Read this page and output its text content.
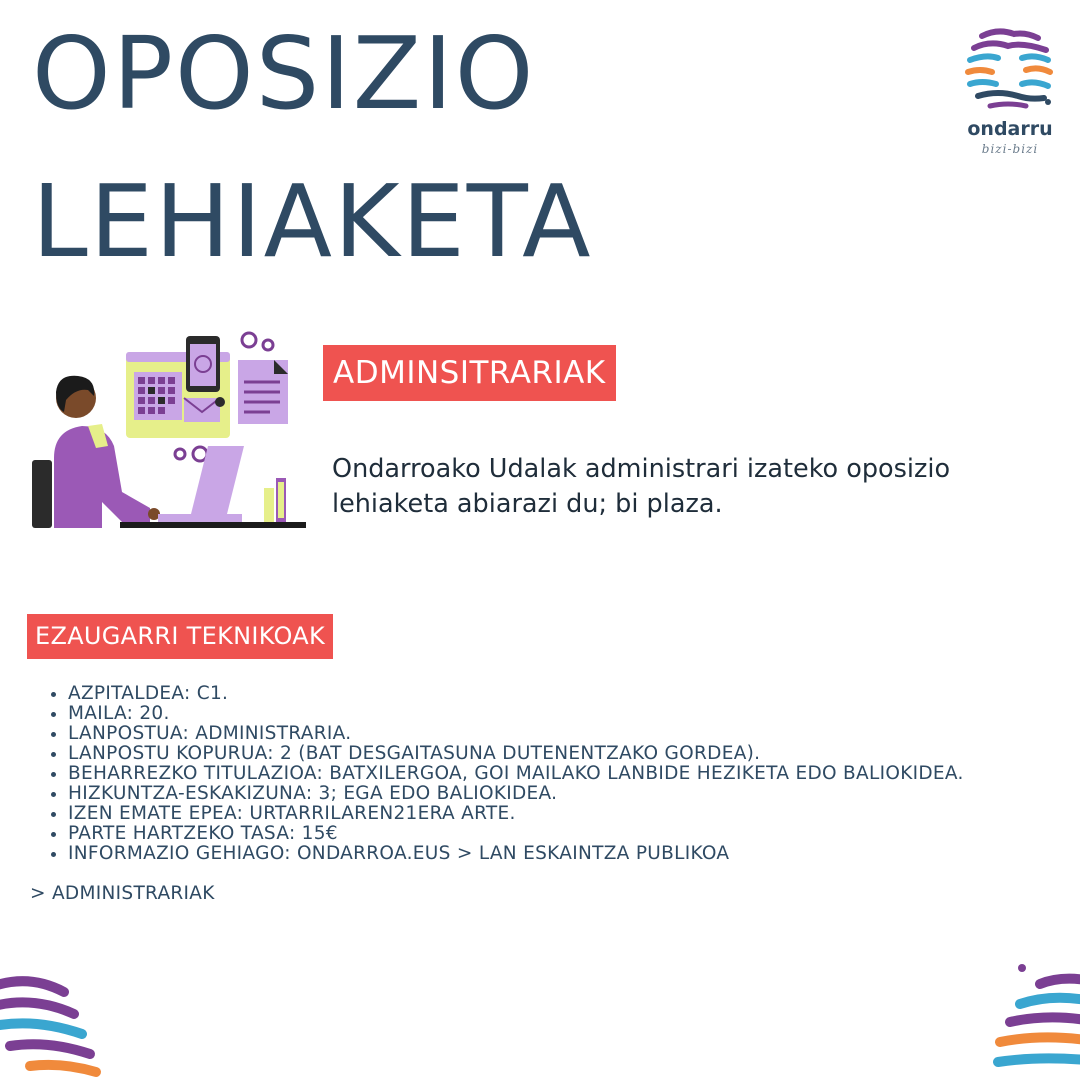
OPOSIZIO
LEHIAKETA
ondarru
bizi-bizi
ADMINSITRARIAK

Ondarroako Udalak administrari izateko oposizio lehiaketa abiarazi du; bi plaza.

EZAUGARRI TEKNIKOAK
• AZPITALDEA: C1.
• MAILA: 20.
• LANPOSTUA: ADMINISTRARIA.
• LANPOSTU KOPURUA: 2 (BAT DESGAITASUNA DUTENENTZAKO GORDEA).
• BEHARREZKO TITULAZIOA: BATXILERGOA, GOI MAILAKO LANBIDE HEZIKETA EDO BALIOKIDEA.
• HIZKUNTZA-ESKAKIZUNA: 3; EGA EDO BALIOKIDEA.
• IZEN EMATE EPEA: URTARRILAREN21ERA ARTE.
• PARTE HARTZEKO TASA: 15€
• INFORMAZIO GEHIAGO: ONDARROA.EUS > LAN ESKAINTZA PUBLIKOA

> ADMINISTRARIAK
